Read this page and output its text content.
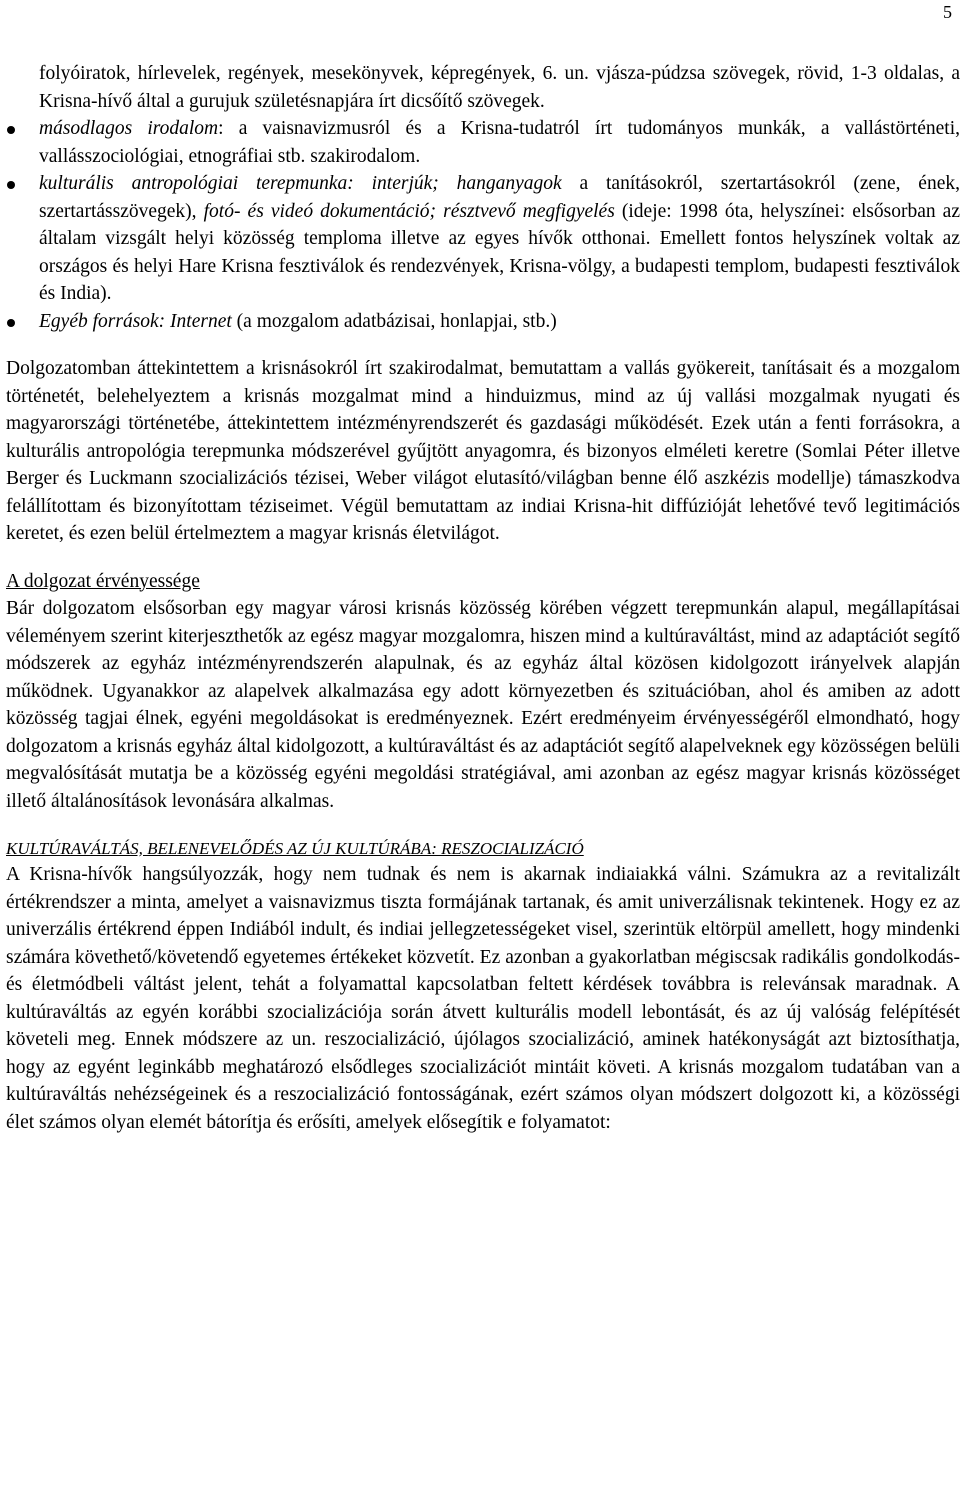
5

folyóiratok, hírlevelek, regények, mesekönyvek, képregények, 6. un. vjásza-púdzsa szövegek, rövid, 1-3 oldalas, a Krisna-hívő által a gurujuk születésnapjára írt dicsőítő szövegek.

másodlagos irodalom: a vaisnavizmusról és a Krisna-tudatról írt tudományos munkák, a vallástörténeti, vallásszociológiai, etnográfiai stb. szakirodalom.
kulturális antropológiai terepmunka: interjúk; hanganyagok a tanításokról, szertartásokról (zene, ének, szertartásszövegek), fotó- és videó dokumentáció; résztvevő megfigyelés (ideje: 1998 óta, helyszínei: elsősorban az általam vizsgált helyi közösség temploma illetve az egyes hívők otthonai. Emellett fontos helyszínek voltak az országos és helyi Hare Krisna fesztiválok és rendezvények, Krisna-völgy, a budapesti templom, budapesti fesztiválok és India).
Egyéb források: Internet (a mozgalom adatbázisai, honlapjai, stb.)

Dolgozatomban áttekintettem a krisnásokról írt szakirodalmat, bemutattam a vallás gyökereit, tanításait és a mozgalom történetét, belehelyeztem a krisnás mozgalmat mind a hinduizmus, mind az új vallási mozgalmak nyugati és magyarországi történetébe, áttekintettem intézményrendszerét és gazdasági működését. Ezek után a fenti forrásokra, a kulturális antropológia terepmunka módszerével gyűjtött anyagomra, és bizonyos elméleti keretre (Somlai Péter illetve Berger és Luckmann szocializációs tézisei, Weber világot elutasító/világban benne élő aszkézis modellje) támaszkodva felállítottam és bizonyítottam téziseimet. Végül bemutattam az indiai Krisna-hit diffúzióját lehetővé tevő legitimációs keretet, és ezen belül értelmeztem a magyar krisnás életvilágot.

A dolgozat érvényessége

Bár dolgozatom elsősorban egy magyar városi krisnás közösség körében végzett terepmunkán alapul, megállapításai véleményem szerint kiterjeszthetők az egész magyar mozgalomra, hiszen mind a kultúraváltást, mind az adaptációt segítő módszerek az egyház intézményrendszerén alapulnak, és az egyház által közösen kidolgozott irányelvek alapján működnek. Ugyanakkor az alapelvek alkalmazása egy adott környezetben és szituációban, ahol és amiben az adott közösség tagjai élnek, egyéni megoldásokat is eredményeznek. Ezért eredményeim érvényességéről elmondható, hogy dolgozatom a krisnás egyház által kidolgozott, a kultúraváltást és az adaptációt segítő alapelveknek egy közösségen belüli megvalósítását mutatja be a közösség egyéni megoldási stratégiával, ami azonban az egész magyar krisnás közösséget illető általánosítások levonására alkalmas.

KULTÚRAVÁLTÁS, BELENEVELŐDÉS AZ ÚJ KULTÚRÁBA: RESZOCIALIZÁCIÓ

A Krisna-hívők hangsúlyozzák, hogy nem tudnak és nem is akarnak indiaiakká válni. Számukra az a revitalizált értékrendszer a minta, amelyet a vaisnavizmus tiszta formájának tartanak, és amit univerzálisnak tekintenek. Hogy ez az univerzális értékrend éppen Indiából indult, és indiai jellegzetességeket visel, szerintük eltörpül amellett, hogy mindenki számára követhető/követendő egyetemes értékeket közvetít. Ez azonban a gyakorlatban mégiscsak radikális gondolkodás- és életmódbeli váltást jelent, tehát a folyamattal kapcsolatban feltett kérdések továbbra is relevánsak maradnak. A kultúraváltás az egyén korábbi szocializációja során átvett kulturális modell lebontását, és az új valóság felépítését követeli meg. Ennek módszere az un. reszocializáció, újólagos szocializáció, aminek hatékonyságát azt biztosíthatja, hogy az egyént leginkább meghatározó elsődleges szocializációt mintáit követi. A krisnás mozgalom tudatában van a kultúraváltás nehézségeinek és a reszocializáció fontosságának, ezért számos olyan módszert dolgozott ki, a közösségi élet számos olyan elemét bátorítja és erősíti, amelyek elősegítik e folyamatot:
